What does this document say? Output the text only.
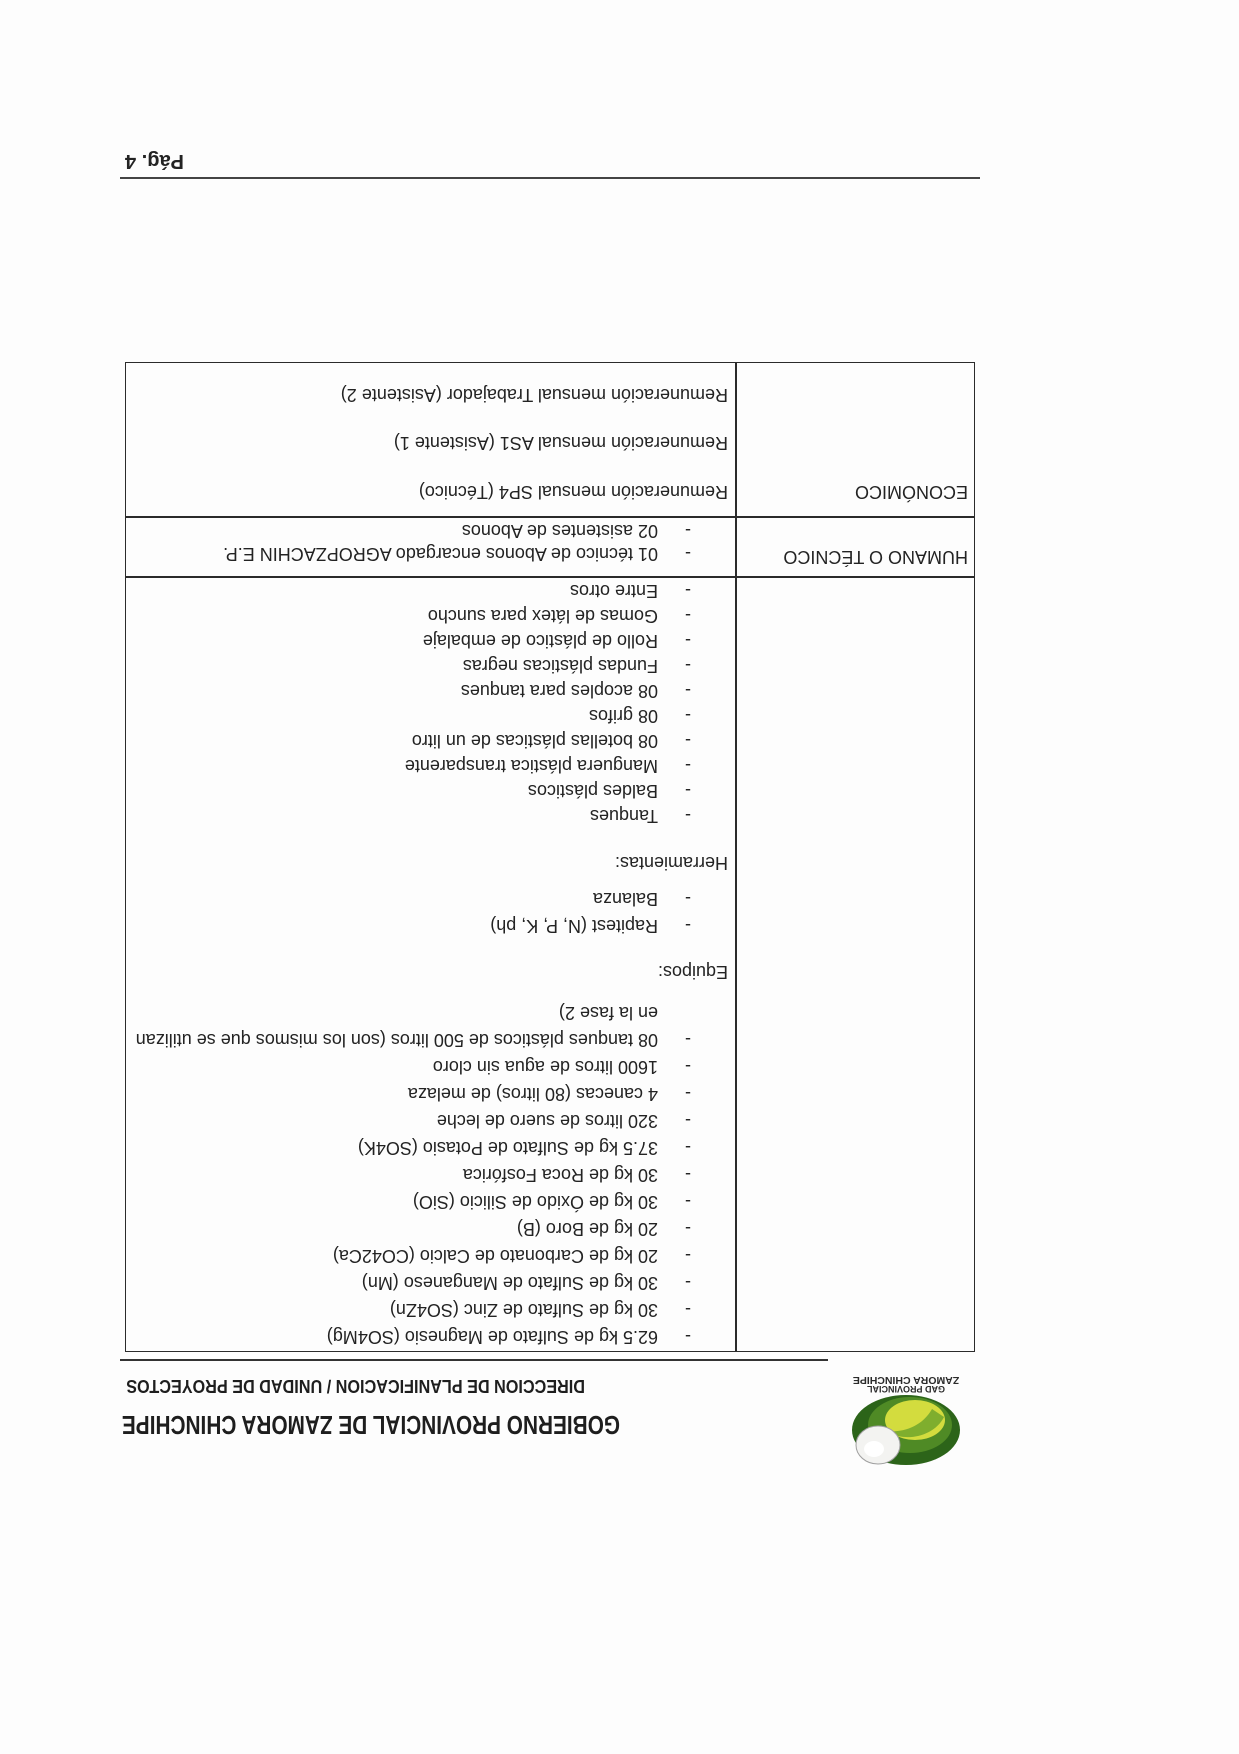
GAD PROVINCIAL
ZAMORA CHINCHIPE
GOBIERNO PROVINCIAL DE ZAMORA CHINCHIPE
DIRECCION DE PLANIFICACION / UNIDAD DE PROYECTOS
-
62.5 kg de Sulfato de Magnesio (SO4Mg)
-
30 kg de Sulfato de Zinc (SO4Zn)
-
30 kg de Sulfato de Manganeso (Mn)
-
20 kg de Carbonato de Calcio (CO42Ca)
-
20 kg de Boro (B)
-
30 kg de Óxido de Silicio (SiO)
-
30 kg de Roca Fosfórica
-
37.5 kg de Sulfato de Potasio (SO4K)
-
320 litros de suero de leche
-
4 canecas (80 litros) de melaza
-
1600 litros de agua sin cloro
-
08 tanques plásticos de 500 litros (son los mismos que se utilizan en la fase 2)
Equipos:
-
Rapitest (N, P, K, ph)
-
Balanza
Herramientas:
-
Tanques
-
Baldes plásticos
-
Manguera plástica transparente
-
08 botellas plásticas de un litro
-
08 grifos
-
08 acoples para tanques
-
Fundas plásticas negras
-
Rollo de plástico de embalaje
-
Gomas de látex para suncho
-
Entre otros
HUMANO O TÉCNICO
-
01 técnico de Abonos encargado AGROPZACHIN E.P.
-
02 asistentes de Abonos
ECONÓMICO
Remuneración mensual SP4 (Técnico)
Remuneración mensual AS1 (Asistente 1)
Remuneración mensual Trabajador (Asistente 2)
Pág. 4
